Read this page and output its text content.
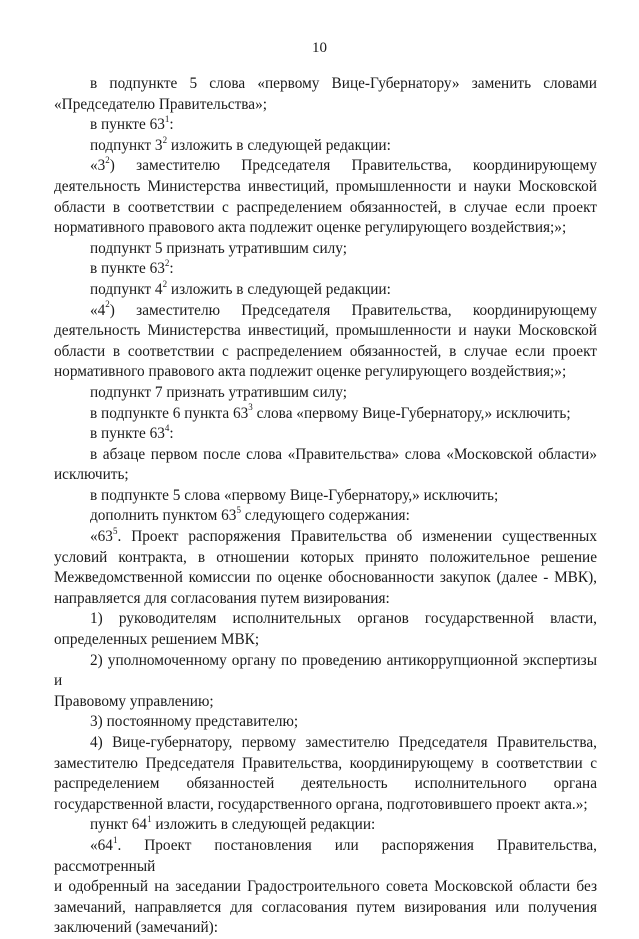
10

в подпункте 5 слова «первому Вице-Губернатору» заменить словами

«Председателю Правительства»;

в пункте $63^1$:

подпункт $3^2$ изложить в следующей редакции:

«$3^2$) заместителю Председателя Правительства, координирующему

деятельность Министерства инвестиций, промышленности и науки Московской

области в соответствии с распределением обязанностей, в случае если проект

нормативного правового акта подлежит оценке регулирующего воздействия;»;

подпункт 5 признать утратившим силу;

в пункте $63^2$:

подпункт $4^2$ изложить в следующей редакции:

«$4^2$) заместителю Председателя Правительства, координирующему

деятельность Министерства инвестиций, промышленности и науки Московской

области в соответствии с распределением обязанностей, в случае если проект

нормативного правового акта подлежит оценке регулирующего воздействия;»;

подпункт 7 признать утратившим силу;

в подпункте 6 пункта $63^3$ слова «первому Вице-Губернатору,» исключить;

в пункте $63^4$:

в абзаце первом после слова «Правительства» слова «Московской области»

исключить;

в подпункте 5 слова «первому Вице-Губернатору,» исключить;

дополнить пунктом $63^5$ следующего содержания:

«$63^5$. Проект распоряжения Правительства об изменении существенных

условий контракта, в отношении которых принято положительное решение

Межведомственной комиссии по оценке обоснованности закупок (далее - МВК),

направляется для согласования путем визирования:

1) руководителям исполнительных органов государственной власти,

определенных решением МВК;

2) уполномоченному органу по проведению антикоррупционной экспертизы и

Правовому управлению;

3) постоянному представителю;

4) Вице-губернатору, первому заместителю Председателя Правительства,

заместителю Председателя Правительства, координирующему в соответствии с

распределением обязанностей деятельность исполнительного органа

государственной власти, государственного органа, подготовившего проект акта.»;

пункт $64^1$ изложить в следующей редакции:

«$64^1$. Проект постановления или распоряжения Правительства, рассмотренный

и одобренный на заседании Градостроительного совета Московской области без

замечаний, направляется для согласования путем визирования или получения

заключений (замечаний):
